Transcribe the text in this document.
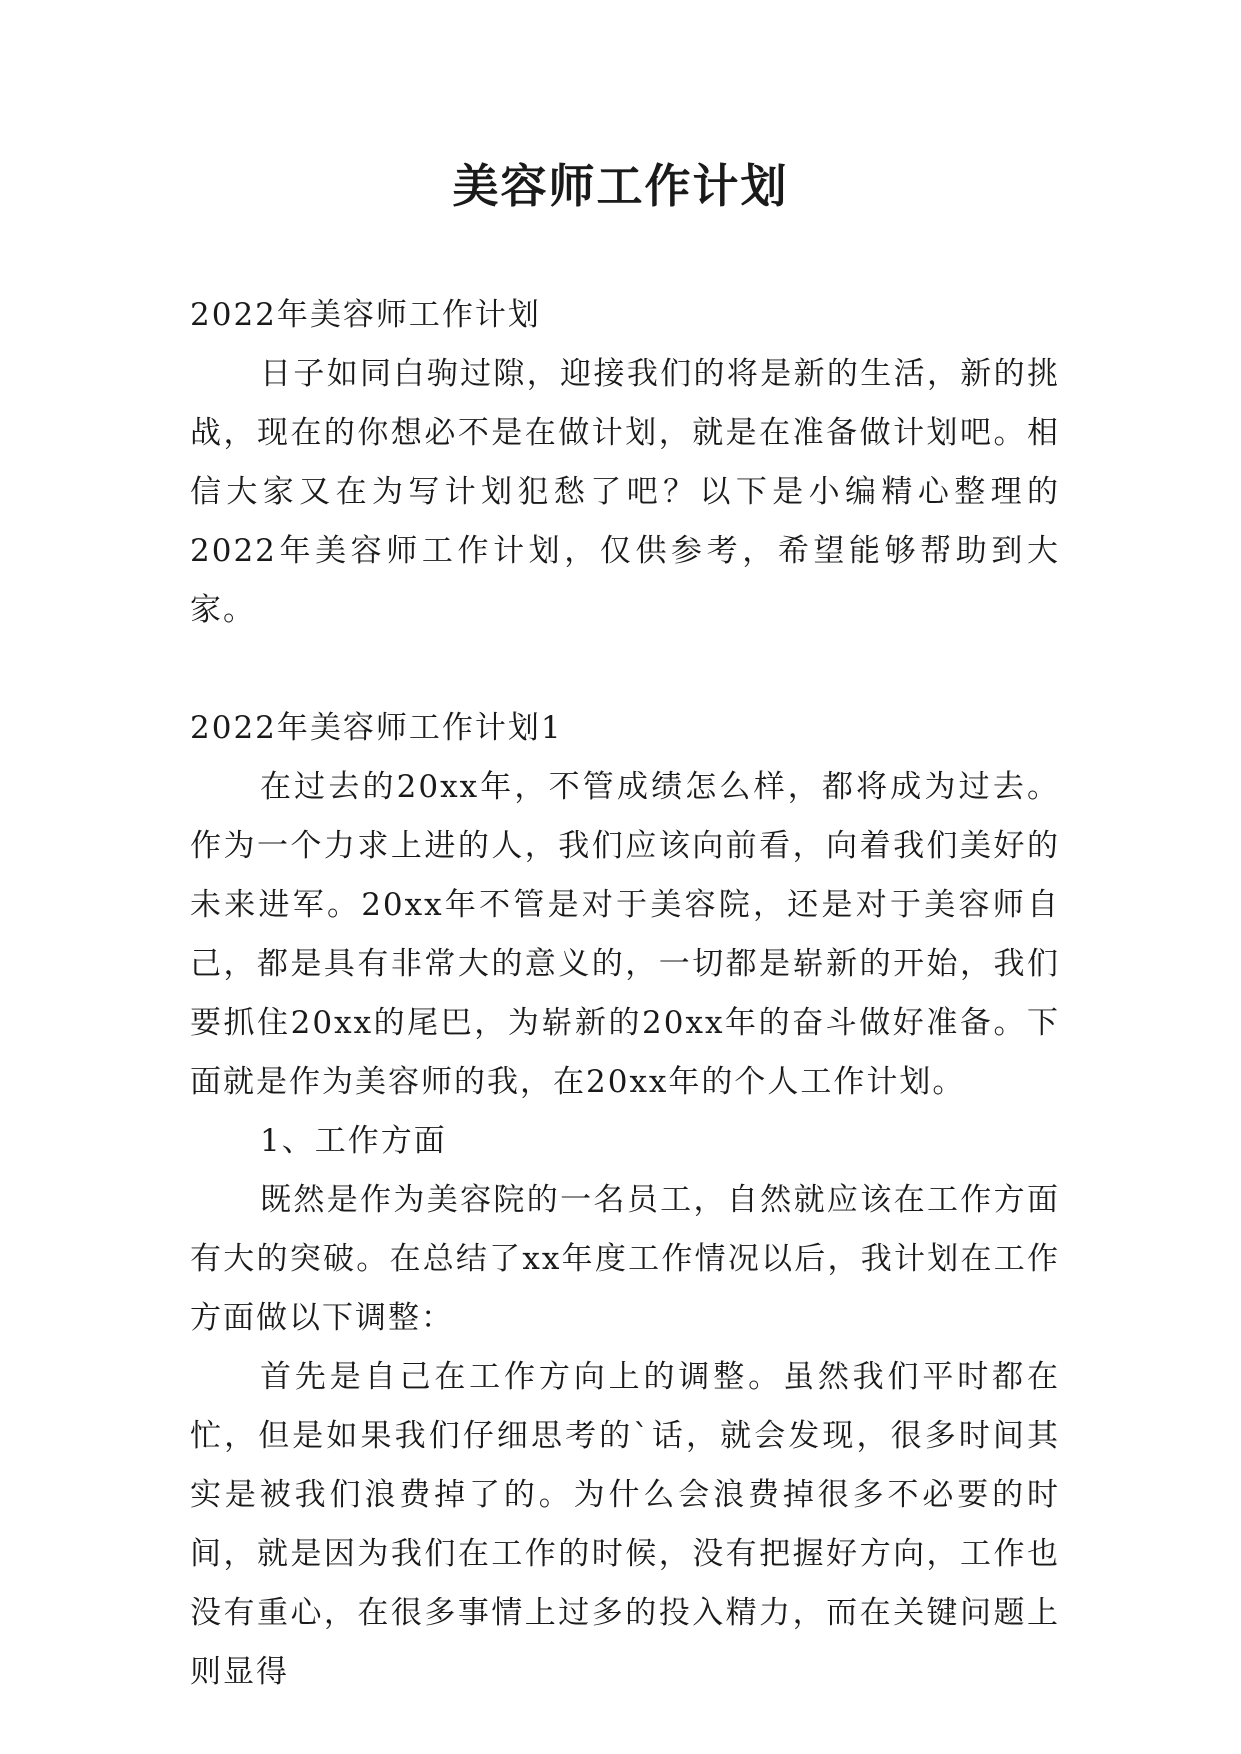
美容师工作计划

2022年美容师工作计划

日子如同白驹过隙，迎接我们的将是新的生活，新的挑战，现在的你想必不是在做计划，就是在准备做计划吧。相信大家又在为写计划犯愁了吧？以下是小编精心整理的2022年美容师工作计划，仅供参考，希望能够帮助到大家。

2022年美容师工作计划1

在过去的20xx年，不管成绩怎么样，都将成为过去。作为一个力求上进的人，我们应该向前看，向着我们美好的未来进军。20xx年不管是对于美容院，还是对于美容师自己，都是具有非常大的意义的，一切都是崭新的开始，我们要抓住20xx的尾巴，为崭新的20xx年的奋斗做好准备。下面就是作为美容师的我，在20xx年的个人工作计划。

1、工作方面

既然是作为美容院的一名员工，自然就应该在工作方面有大的突破。在总结了xx年度工作情况以后，我计划在工作方面做以下调整：

首先是自己在工作方向上的调整。虽然我们平时都在忙，但是如果我们仔细思考的`话，就会发现，很多时间其实是被我们浪费掉了的。为什么会浪费掉很多不必要的时间，就是因为我们在工作的时候，没有把握好方向，工作也没有重心，在很多事情上过多的投入精力，而在关键问题上则显得
